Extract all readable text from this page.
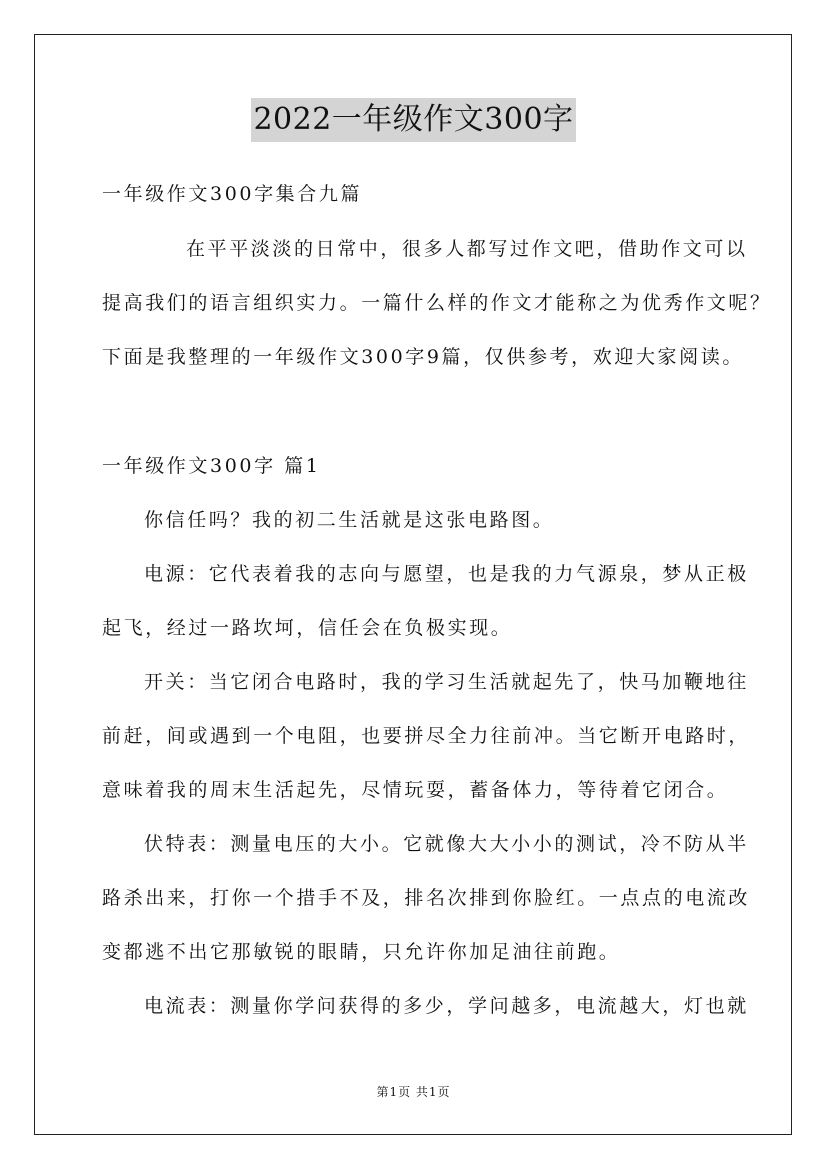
2022一年级作文300字
一年级作文300字集合九篇
在平平淡淡的日常中，很多人都写过作文吧，借助作文可以
提高我们的语言组织实力。一篇什么样的作文才能称之为优秀作文呢？
下面是我整理的一年级作文300字9篇，仅供参考，欢迎大家阅读。
一年级作文300字 篇1
你信任吗？我的初二生活就是这张电路图。
电源：它代表着我的志向与愿望，也是我的力气源泉，梦从正极
起飞，经过一路坎坷，信任会在负极实现。
开关：当它闭合电路时，我的学习生活就起先了，快马加鞭地往
前赶，间或遇到一个电阻，也要拼尽全力往前冲。当它断开电路时，
意味着我的周末生活起先，尽情玩耍，蓄备体力，等待着它闭合。
伏特表：测量电压的大小。它就像大大小小的测试，冷不防从半
路杀出来，打你一个措手不及，排名次排到你脸红。一点点的电流改
变都逃不出它那敏锐的眼睛，只允许你加足油往前跑。
电流表：测量你学问获得的多少，学问越多，电流越大，灯也就
第1页 共1页
